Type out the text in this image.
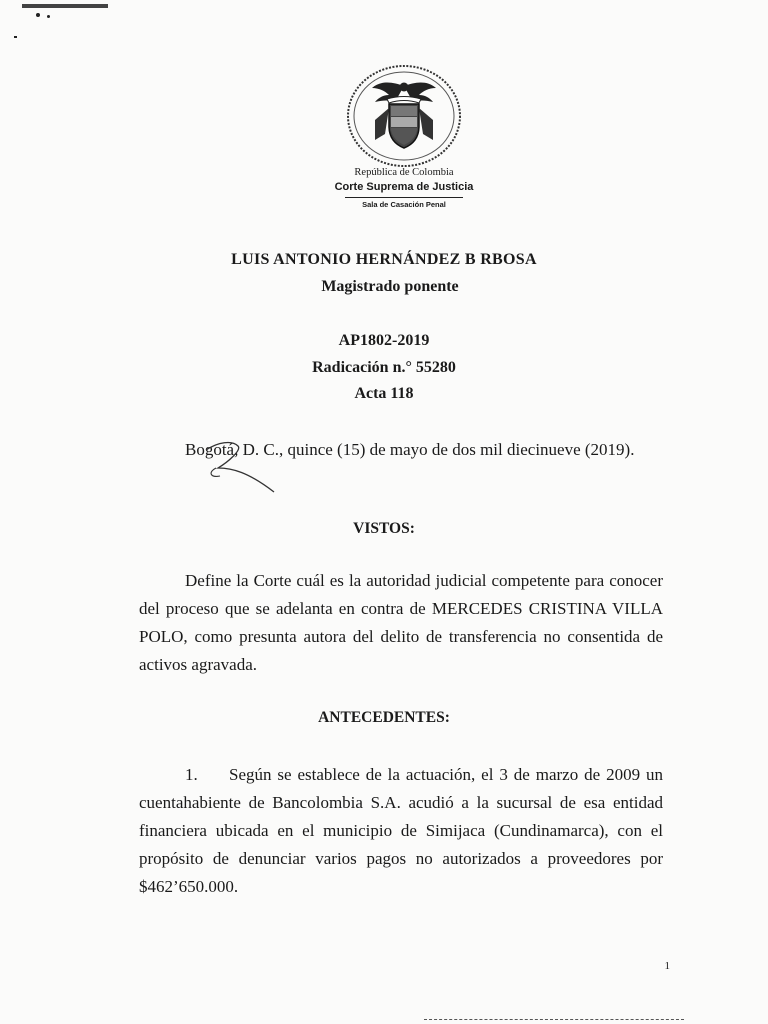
República de Colombia
Corte Suprema de Justicia
Sala de Casación Penal
LUIS ANTONIO HERNÁNDEZ B RBOSA
Magistrado ponente
AP1802-2019
Radicación n.° 55280
Acta 118
Bogotá, D. C., quince (15) de mayo de dos mil diecinueve (2019).
VISTOS:
Define la Corte cuál es la autoridad judicial competente para conocer del proceso que se adelanta en contra de MERCEDES CRISTINA VILLA POLO, como presunta autora del delito de transferencia no consentida de activos agravada.
ANTECEDENTES:
1. Según se establece de la actuación, el 3 de marzo de 2009 un cuentahabiente de Bancolombia S.A. acudió a la sucursal de esa entidad financiera ubicada en el municipio de Simijaca (Cundinamarca), con el propósito de denunciar varios pagos no autorizados a proveedores por $462’650.000.
1
